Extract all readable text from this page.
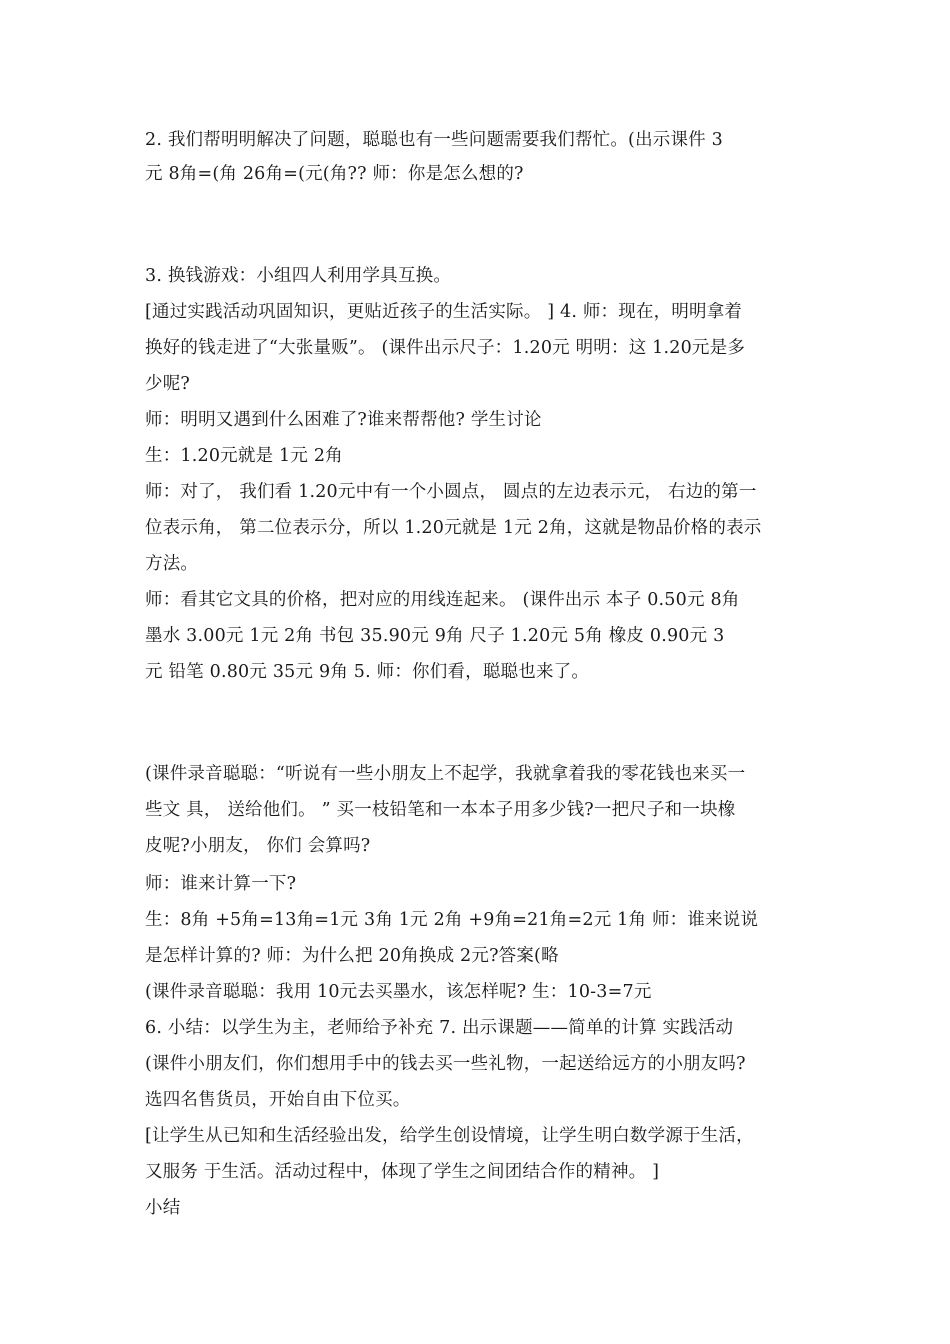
2. 我们帮明明解决了问题，聪聪也有一些问题需要我们帮忙。(出示课件 3
元 8角=(角 26角=(元(角?? 师：你是怎么想的?
3. 换钱游戏：小组四人利用学具互换。
[通过实践活动巩固知识，更贴近孩子的生活实际。 ] 4. 师：现在，明明拿着
换好的钱走进了“大张量贩”。 (课件出示尺子：1.20元 明明：这 1.20元是多
少呢?
师：明明又遇到什么困难了?谁来帮帮他? 学生讨论
生：1.20元就是 1元 2角
师：对了， 我们看 1.20元中有一个小圆点， 圆点的左边表示元， 右边的第一
位表示角， 第二位表示分，所以 1.20元就是 1元 2角，这就是物品价格的表示
方法。
师：看其它文具的价格，把对应的用线连起来。 (课件出示 本子 0.50元 8角
墨水 3.00元 1元 2角 书包 35.90元 9角 尺子 1.20元 5角 橡皮 0.90元 3
元 铅笔 0.80元 35元 9角 5. 师：你们看，聪聪也来了。
(课件录音聪聪：“听说有一些小朋友上不起学，我就拿着我的零花钱也来买一
些文 具， 送给他们。 ” 买一枝铅笔和一本本子用多少钱?一把尺子和一块橡
皮呢?小朋友， 你们 会算吗?
师：谁来计算一下?
生：8角 +5角=13角=1元 3角 1元 2角 +9角=21角=2元 1角 师：谁来说说
是怎样计算的? 师：为什么把 20角换成 2元?答案(略
(课件录音聪聪：我用 10元去买墨水，该怎样呢? 生：10-3=7元
6. 小结：以学生为主，老师给予补充 7. 出示课题——简单的计算 实践活动
(课件小朋友们，你们想用手中的钱去买一些礼物，一起送给远方的小朋友吗?
选四名售货员，开始自由下位买。
[让学生从已知和生活经验出发，给学生创设情境，让学生明白数学源于生活，
又服务 于生活。活动过程中，体现了学生之间团结合作的精神。 ]
小结
